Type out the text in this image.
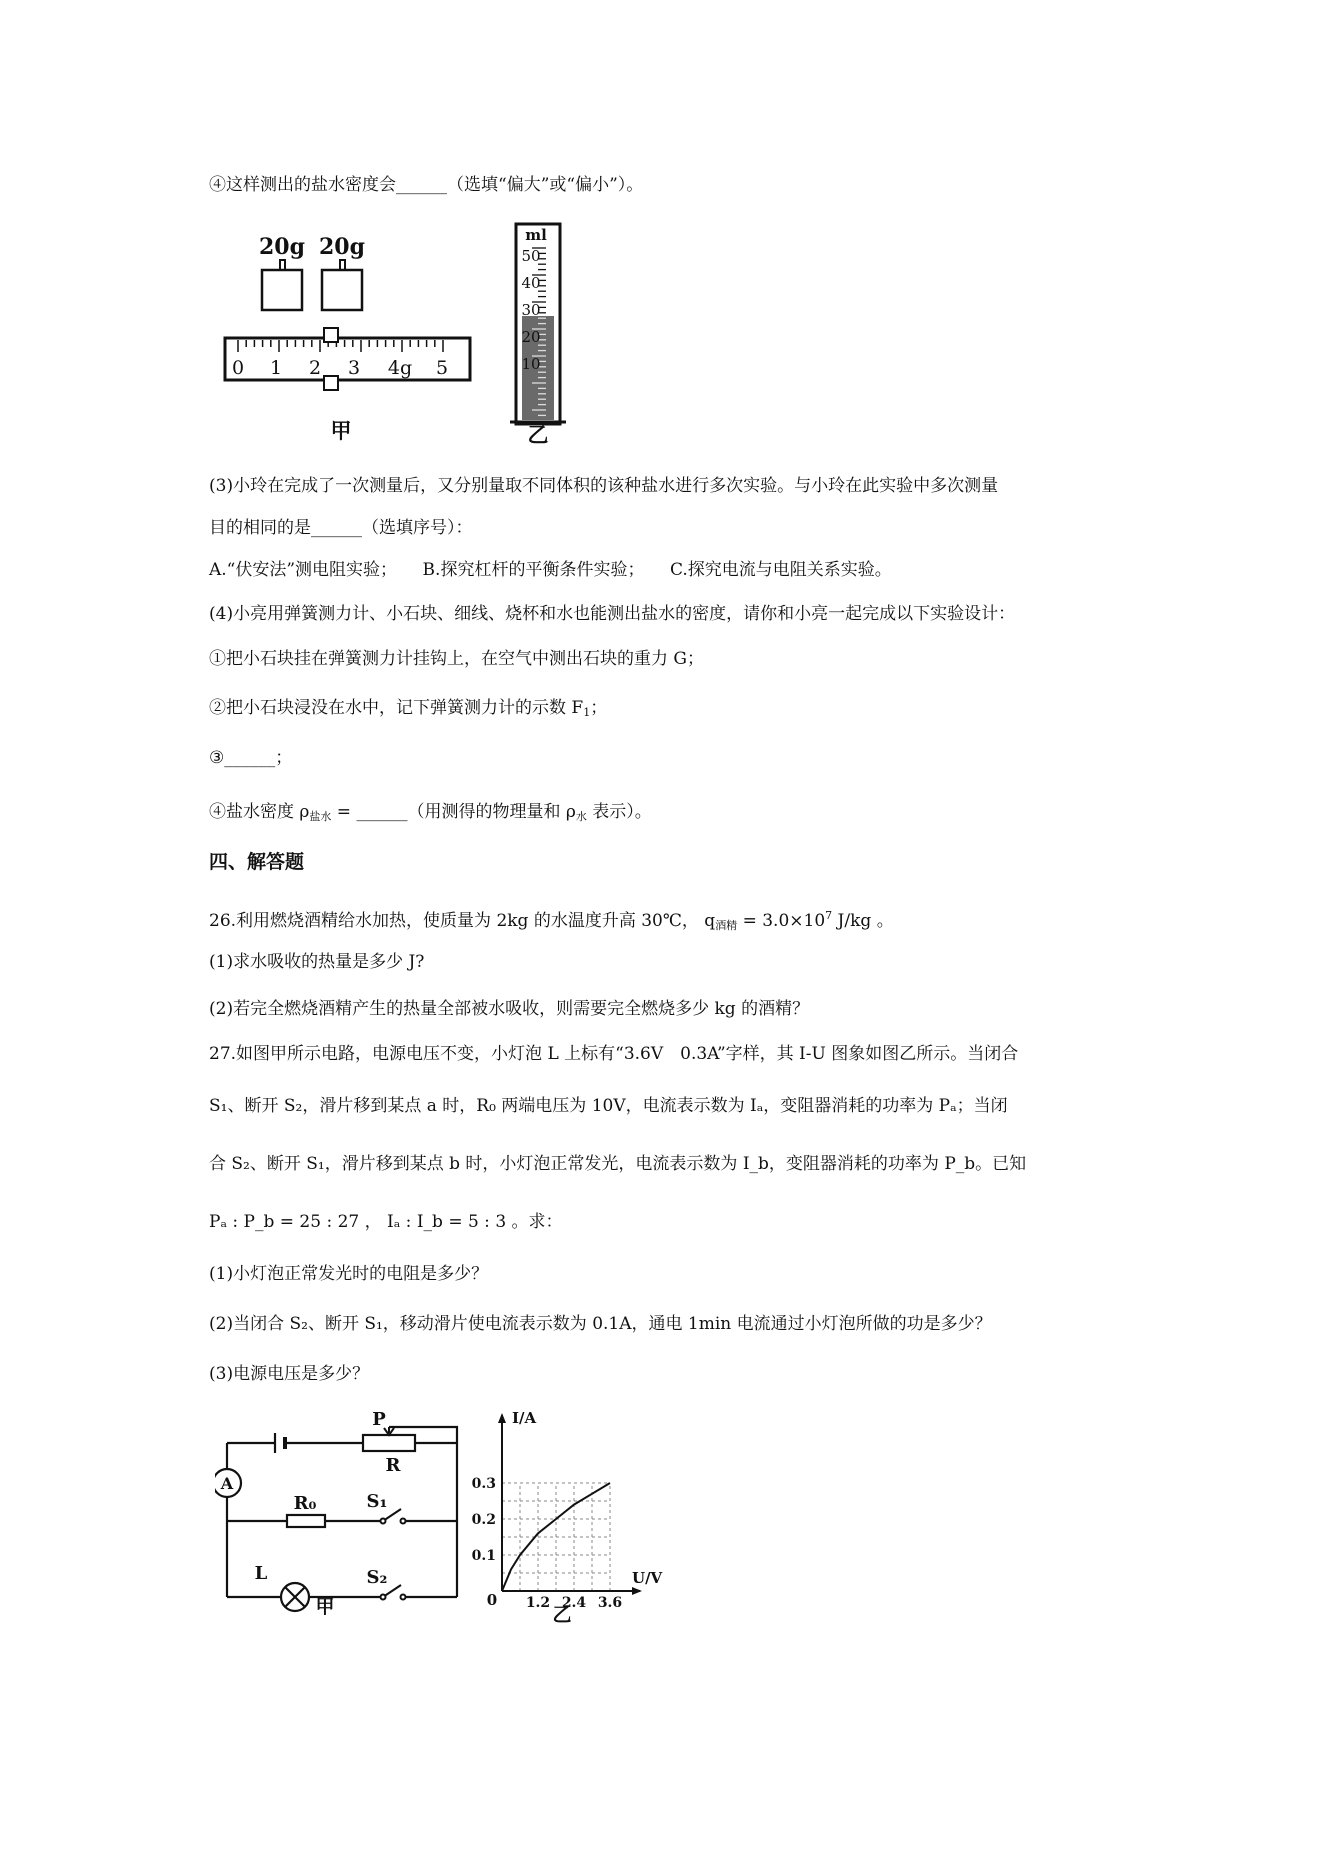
④这样测出的盐水密度会______（选填“偏大”或“偏小”）。
20g 20g
0 1 2 3 4g 5
甲
ml
50
40
30
20
10
乙
(3)小玲在完成了一次测量后，又分别量取不同体积的该种盐水进行多次实验。与小玲在此实验中多次测量
目的相同的是______（选填序号）：
A.“伏安法”测电阻实验；　　B.探究杠杆的平衡条件实验；　　C.探究电流与电阻关系实验。
(4)小亮用弹簧测力计、小石块、细线、烧杯和水也能测出盐水的密度，请你和小亮一起完成以下实验设计：
①把小石块挂在弹簧测力计挂钩上，在空气中测出石块的重力 G；
②把小石块浸没在水中，记下弹簧测力计的示数 $F_1$；
③______；
④盐水密度 $\rho_{盐水}$ = ______（用测得的物理量和 $\rho_水$ 表示）。
四、解答题
26.利用燃烧酒精给水加热，使质量为 2kg 的水温度升高 30℃， $q_{酒精} = 3.0\times 10^7$ J/kg 。
(1)求水吸收的热量是多少 J?
(2)若完全燃烧酒精产生的热量全部被水吸收，则需要完全燃烧多少 kg 的酒精？
27.如图甲所示电路，电源电压不变，小灯泡 L 上标有“3.6V　0.3A”字样，其 I-U 图象如图乙所示。当闭合
S₁、断开 S₂，滑片移到某点 a 时，R₀ 两端电压为 10V，电流表示数为 Iₐ，变阻器消耗的功率为 Pₐ；当闭
合 S₂、断开 S₁，滑片移到某点 b 时，小灯泡正常发光，电流表示数为 I_b，变阻器消耗的功率为 P_b。已知
Pₐ : P_b = 25 : 27 ， Iₐ : I_b = 5 : 3 。求：
(1)小灯泡正常发光时的电阻是多少？
(2)当闭合 S₂、断开 S₁，移动滑片使电流表示数为 0.1A，通电 1min 电流通过小灯泡所做的功是多少？
(3)电源电压是多少？
A
P
R
R₀	S₁
L	S₂
甲
I/A
U/V
0
0.3
0.2
0.1
1.2 2.4 3.6
乙
